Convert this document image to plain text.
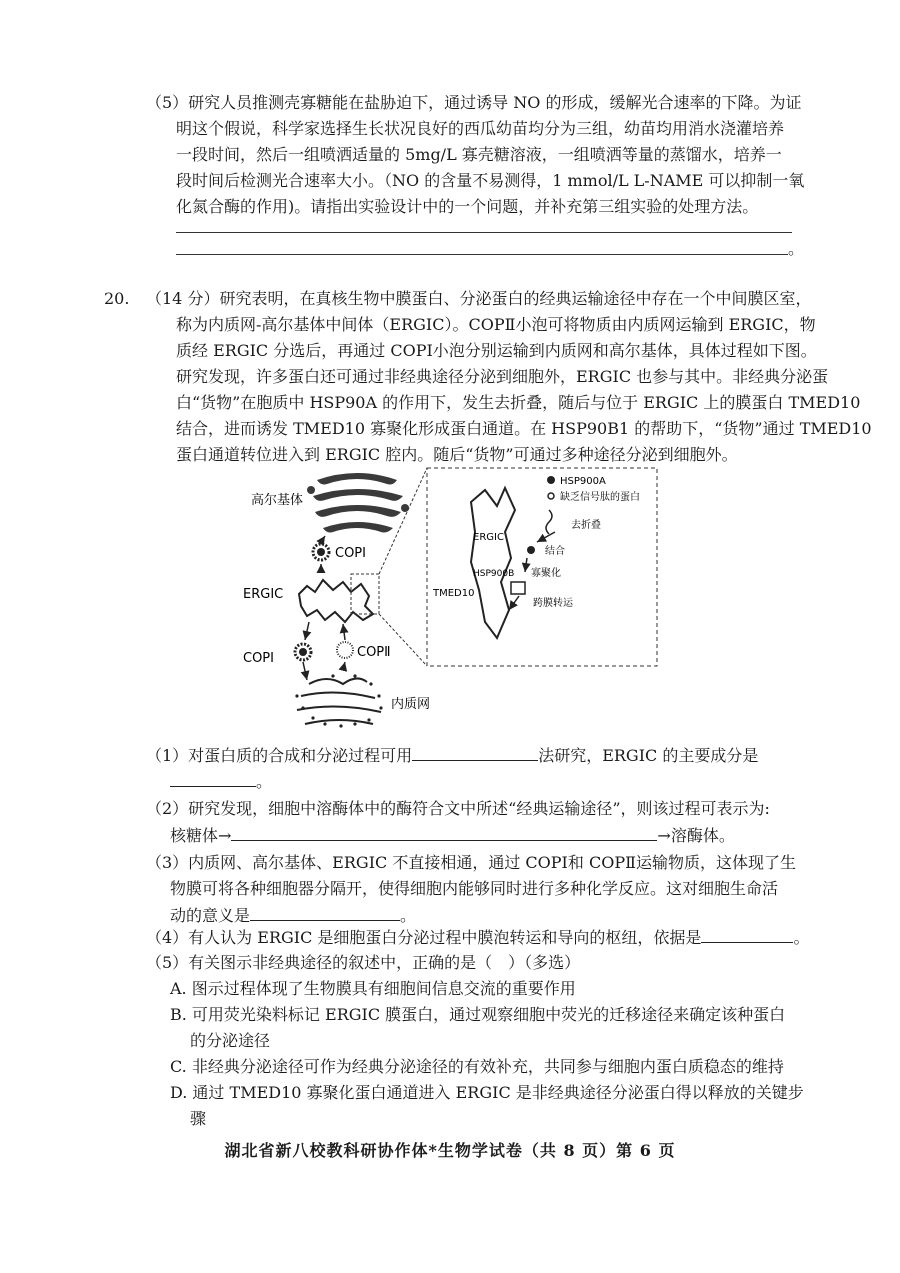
（5）研究人员推测壳寡糖能在盐胁迫下，通过诱导 NO 的形成，缓解光合速率的下降。为证
明这个假说，科学家选择生长状况良好的西瓜幼苗均分为三组，幼苗均用消水浇灌培养
一段时间，然后一组喷洒适量的 5mg/L 寡壳糖溶液，一组喷洒等量的蒸馏水，培养一
段时间后检测光合速率大小。（NO 的含量不易测得，1 mmol/L L-NAME 可以抑制一氧
化氮合酶的作用)。请指出实验设计中的一个问题，并补充第三组实验的处理方法。
。
20. （14 分）研究表明，在真核生物中膜蛋白、分泌蛋白的经典运输途径中存在一个中间膜区室，
称为内质网-高尔基体中间体（ERGIC）。COPⅡ小泡可将物质由内质网运输到 ERGIC，物
质经 ERGIC 分选后，再通过 COPⅠ小泡分别运输到内质网和高尔基体，具体过程如下图。
研究发现，许多蛋白还可通过非经典途径分泌到细胞外，ERGIC 也参与其中。非经典分泌蛋
白“货物”在胞质中 HSP90A 的作用下，发生去折叠，随后与位于 ERGIC 上的膜蛋白 TMED10
结合，进而诱发 TMED10 寡聚化形成蛋白通道。在 HSP90B1 的帮助下，“货物”通过 TMED10
蛋白通道转位进入到 ERGIC 腔内。随后“货物”可通过多种途径分泌到细胞外。
高尔基体
COPⅠ
ERGIC
COPⅠ	COPⅡ
内质网
ERGIC
HSP900A
缺乏信号肽的蛋白
去折叠
结合
HSP900B 寡聚化
TMED10
跨膜转运
（1）对蛋白质的合成和分泌过程可用	法研究，ERGIC 的主要成分是
。
（2）研究发现，细胞中溶酶体中的酶符合文中所述“经典运输途径”，则该过程可表示为:
核糖体→	→溶酶体。
（3）内质网、高尔基体、ERGIC 不直接相通，通过 COPⅠ和 COPⅡ运输物质，这体现了生
物膜可将各种细胞器分隔开，使得细胞内能够同时进行多种化学反应。这对细胞生命活
动的意义是	。
（4）有人认为 ERGIC 是细胞蛋白分泌过程中膜泡转运和导向的枢纽，依据是	。
（5）有关图示非经典途径的叙述中，正确的是（　）（多选）
A. 图示过程体现了生物膜具有细胞间信息交流的重要作用
B. 可用荧光染料标记 ERGIC 膜蛋白，通过观察细胞中荧光的迁移途径来确定该种蛋白
的分泌途径
C. 非经典分泌途径可作为经典分泌途径的有效补充，共同参与细胞内蛋白质稳态的维持
D. 通过 TMED10 寡聚化蛋白通道进入 ERGIC 是非经典途径分泌蛋白得以释放的关键步
骤
湖北省新八校教科研协作体*生物学试卷（共 8 页）第 6 页
